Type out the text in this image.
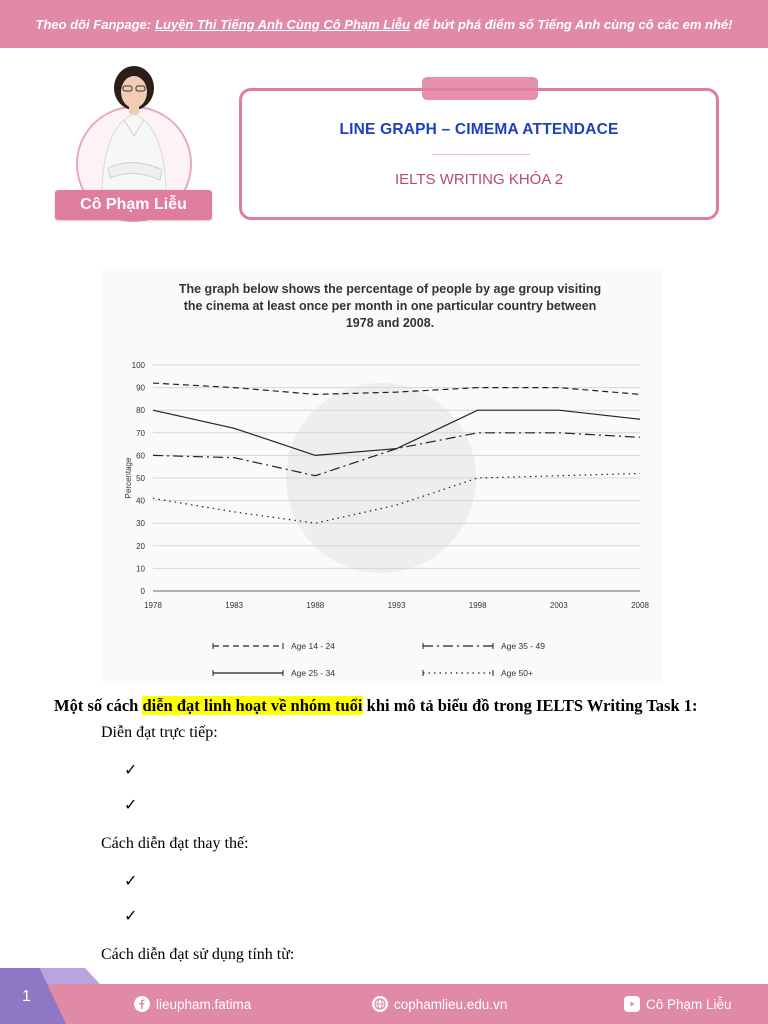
Theo dõi Fanpage: Luyện Thi Tiếng Anh Cùng Cô Phạm Liễu để bứt phá điểm số Tiếng Anh cùng cô các em nhé!
Cô Phạm Liễu
LINE GRAPH – CIMEMA ATTENDACE
IELTS WRITING KHÓA 2
The graph below shows the percentage of people by age group visiting
the cinema at least once per month in one particular country between
1978 and 2008.
0
10
20
30
40
50
60
70
80
90
100
1978	1983	1988	1993	1998	2003	2008
Percentage
Age 14 - 24	Age 35 - 49
Age 25 - 34	Age 50+
Một số cách diễn đạt linh hoạt về nhóm tuổi khi mô tả biểu đồ trong IELTS Writing Task 1:
Diễn đạt trực tiếp:
✓
✓
Cách diễn đạt thay thế:
✓
✓
Cách diễn đạt sử dụng tính từ:
1	lieupham.fatima	cophamlieu.edu.vn	Cô Phạm Liễu
